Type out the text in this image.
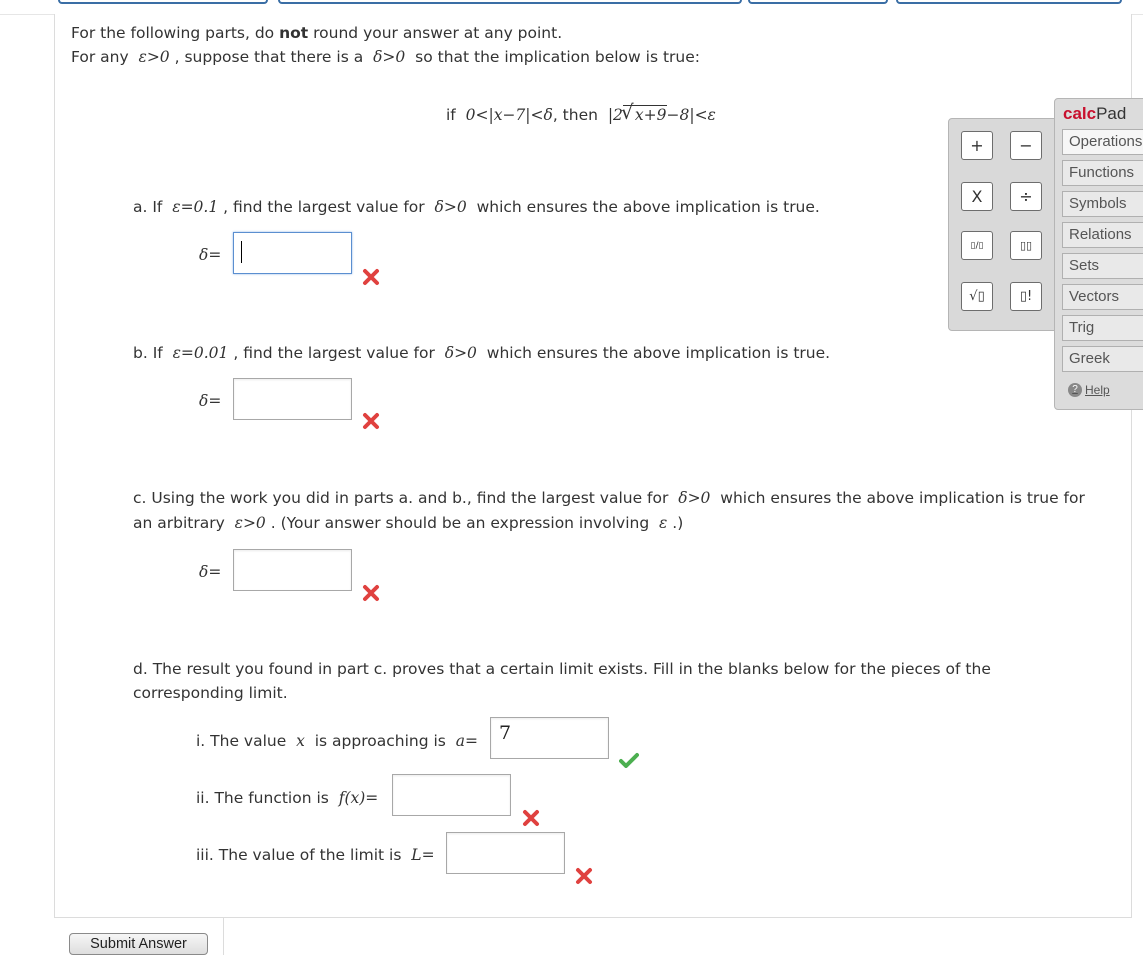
For the following parts, do not round your answer at any point.
For any ε>0 , suppose that there is a δ>0 so that the implication below is true:
if 0<|x−7|<δ, then |2
√ x+9−8|<ε
a. If ε=0.1 , find the largest value for δ>0 which ensures the above implication is true.
δ=
b. If ε=0.01 , find the largest value for δ>0 which ensures the above implication is true.
δ=
c. Using the work you did in parts a. and b., find the largest value for δ>0 which ensures the above implication is true for
an arbitrary ε>0 . (Your answer should be an expression involving ε .)
δ=
d. The result you found in part c. proves that a certain limit exists. Fill in the blanks below for the pieces of the
corresponding limit.
i. The value x is approaching is a= 7
ii. The function is f(x)=
iii. The value of the limit is L=
+ −
X ÷
▯/▯	▯▯
√▯	▯!
calcPad
Operations
Functions
Symbols
Relations
Sets
Vectors
Trig
Greek
? Help
Submit Answer
